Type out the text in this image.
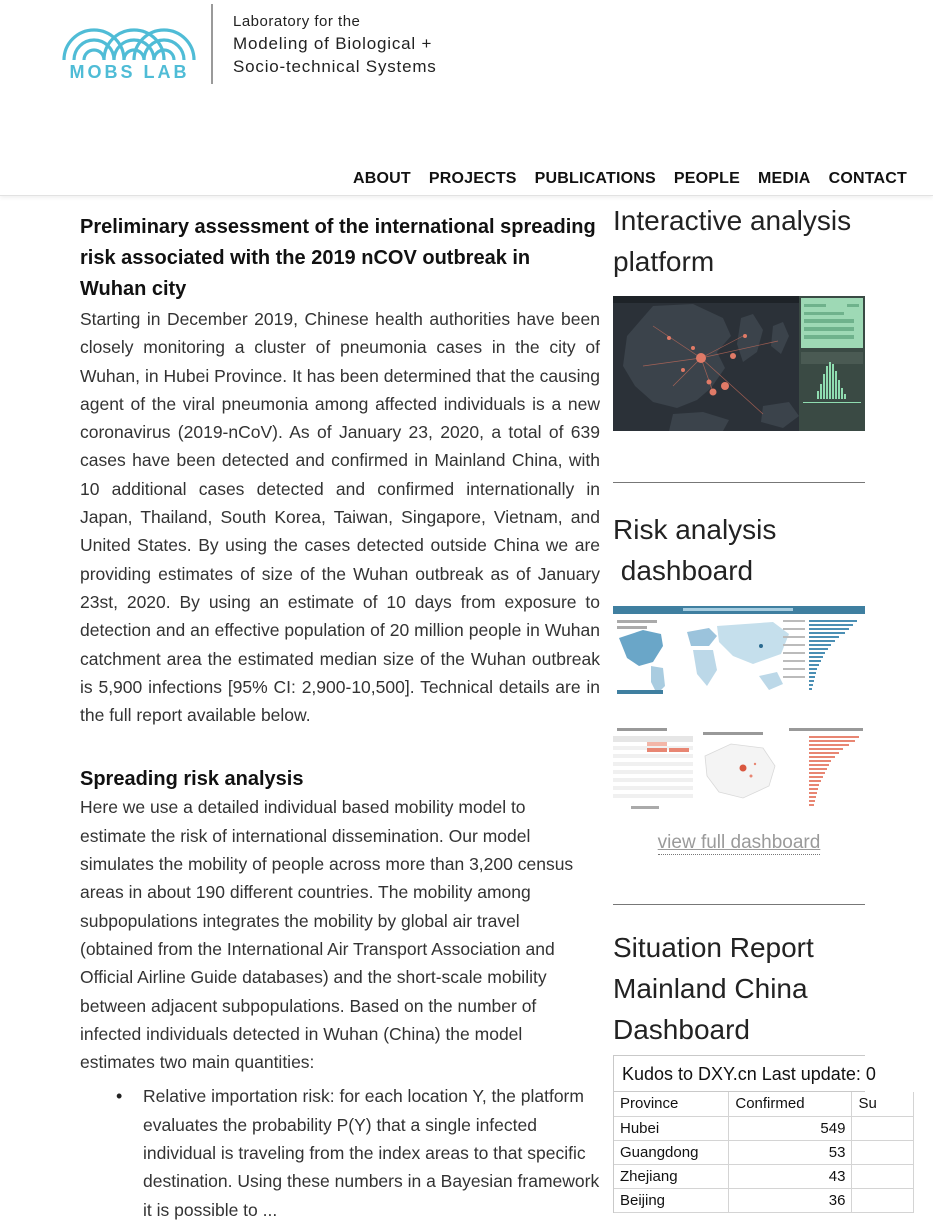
MOBS LAB
Laboratory for the
Modeling of Biological +
Socio-technical Systems
ABOUT PROJECTS PUBLICATIONS PEOPLE MEDIA CONTACT
Preliminary assessment of the international spreading risk associated with the 2019 nCOV outbreak in Wuhan city

Starting in December 2019, Chinese health authorities have been closely monitoring a cluster of pneumonia cases in the city of Wuhan, in Hubei Province. It has been determined that the causing agent of the viral pneumonia among affected individuals is a new coronavirus (2019-nCoV). As of January 23, 2020, a total of 639 cases have been detected and confirmed in Mainland China, with 10 additional cases detected and confirmed internationally in Japan, Thailand, South Korea, Taiwan, Singapore, Vietnam, and United States. By using the cases detected outside China we are providing estimates of size of the Wuhan outbreak as of January 23st, 2020. By using an estimate of 10 days from exposure to detection and an effective population of 20 million people in Wuhan catchment area the estimated median size of the Wuhan outbreak is 5,900 infections [95% CI: 2,900-10,500]. Technical details are in the full report available below.

Spreading risk analysis

Here we use a detailed individual based mobility model to estimate the risk of international dissemination. Our model simulates the mobility of people across more than 3,200 census areas in about 190 different countries. The mobility among subpopulations integrates the mobility by global air travel (obtained from the International Air Transport Association and Official Airline Guide databases) and the short-scale mobility between adjacent subpopulations. Based on the number of infected individuals detected in Wuhan (China) the model estimates two main quantities:

• Relative importation risk: for each location Y, the platform evaluates the probability P(Y) that a single infected individual is traveling from the index areas to that specific destination. Using these numbers in a Bayesian framework it is possible to ...
Interactive analysis
platform
Risk analysis
dashboard
view full dashboard
Situation Report
Mainland China
Dashboard
Kudos to DXY.cn Last update: 0
Province	Confirmed	Su
Hubei	549	
Guangdong	53	
Zhejiang	43	
Beijing	36	
